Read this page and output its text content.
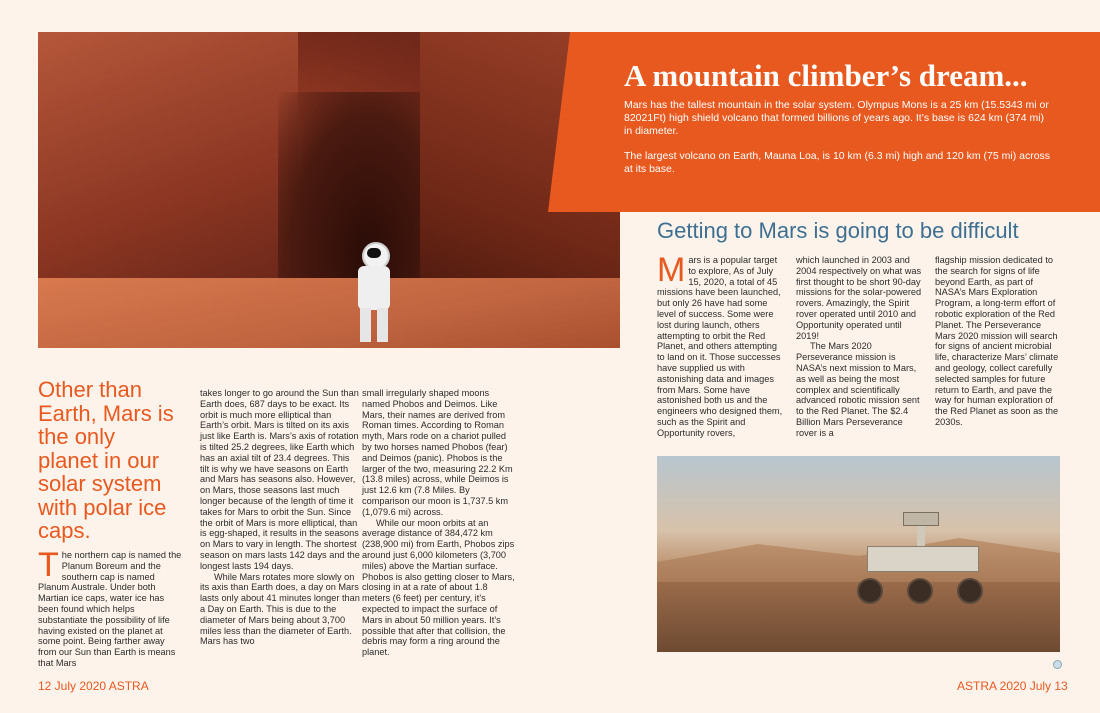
A mountain climber’s dream...

Mars has the tallest mountain in the solar system. Olympus Mons is a 25 km (15.5343 mi or 82021Ft) high shield volcano that formed billions of years ago. It’s base is 624 km (374 mi) in diameter.

The largest volcano on Earth, Mauna Loa, is 10 km (6.3 mi) high and 120 km (75 mi) across at its base.

Getting to Mars is going to be difficult

Other than Earth, Mars is the only planet in our solar system with polar ice caps.

T he northern cap is named the Planum Boreum and the southern cap is named Planum Australe. Under both Martian ice caps, water ice has been found which helps substantiate the possibility of life having existed on the planet at some point. Being farther away from our Sun than Earth is means that Mars

takes longer to go around the Sun than Earth does, 687 days to be exact. Its orbit is much more elliptical than Earth’s orbit. Mars is tilted on its axis just like Earth is. Mars’s axis of rotation is tilted 25.2 degrees, like Earth which has an axial tilt of 23.4 degrees. This tilt is why we have seasons on Earth and Mars has seasons also. However, on Mars, those seasons last much longer because of the length of time it takes for Mars to orbit the Sun. Since the orbit of Mars is more elliptical, than is egg-shaped, it results in the seasons on Mars to vary in length. The shortest season on mars lasts 142 days and the longest lasts 194 days.

While Mars rotates more slowly on its axis than Earth does, a day on Mars lasts only about 41 minutes longer than a Day on Earth. This is due to the diameter of Mars being about 3,700 miles less than the diameter of Earth. Mars has two

small irregularly shaped moons named Phobos and Deimos. Like Mars, their names are derived from Roman times. According to Roman myth, Mars rode on a chariot pulled by two horses named Phobos (fear) and Deimos (panic). Phobos is the larger of the two, measuring 22.2 Km (13.8 miles) across, while Deimos is just 12.6 km (7.8 Miles. By comparison our moon is 1,737.5 km (1,079.6 mi) across.

While our moon orbits at an average distance of 384,472 km (238,900 mi) from Earth, Phobos zips around just 6,000 kilometers (3,700 miles) above the Martian surface. Phobos is also getting closer to Mars, closing in at a rate of about 1.8 meters (6 feet) per century, it’s expected to impact the surface of Mars in about 50 million years. It’s possible that after that collision, the debris may form a ring around the planet.

M ars is a popular target to explore, As of July 15, 2020, a total of 45 missions have been launched, but only 26 have had some level of success. Some were lost during launch, others attempting to orbit the Red Planet, and others attempting to land on it. Those successes have supplied us with astonishing data and images from Mars. Some have astonished both us and the engineers who designed them, such as the Spirit and Opportunity rovers,

which launched in 2003 and 2004 respectively on what was first thought to be short 90-day missions for the solar-powered rovers. Amazingly, the Spirit rover operated until 2010 and Opportunity operated until 2019!

The Mars 2020 Perseverance mission is NASA’s next mission to Mars, as well as being the most complex and scientifically advanced robotic mission sent to the Red Planet. The $2.4 Billion Mars Perseverance rover is a

flagship mission dedicated to the search for signs of life beyond Earth, as part of NASA’s Mars Exploration Program, a long-term effort of robotic exploration of the Red Planet. The Perseverance Mars 2020 mission will search for signs of ancient microbial life, characterize Mars’ climate and geology, collect carefully selected samples for future return to Earth, and pave the way for human exploration of the Red Planet as soon as the 2030s.

12 July 2020 ASTRA	ASTRA 2020 July 13
